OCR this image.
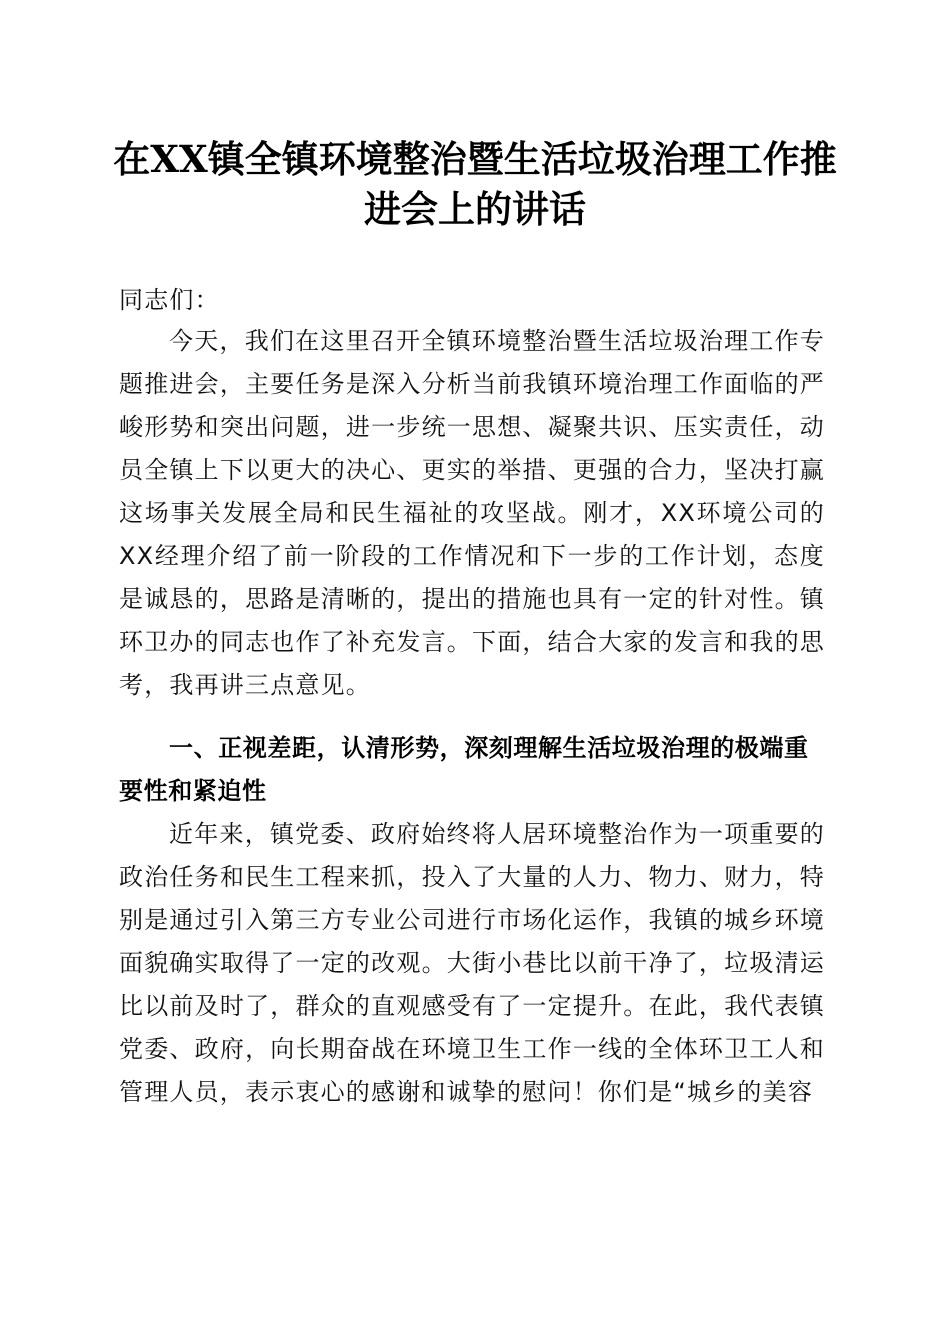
在XX镇全镇环境整治暨生活垃圾治理工作推进会上的讲话

同志们：

今天，我们在这里召开全镇环境整治暨生活垃圾治理工作专题推进会，主要任务是深入分析当前我镇环境治理工作面临的严峻形势和突出问题，进一步统一思想、凝聚共识、压实责任，动员全镇上下以更大的决心、更实的举措、更强的合力，坚决打赢这场事关发展全局和民生福祉的攻坚战。刚才，XX环境公司的XX经理介绍了前一阶段的工作情况和下一步的工作计划，态度是诚恳的，思路是清晰的，提出的措施也具有一定的针对性。镇环卫办的同志也作了补充发言。下面，结合大家的发言和我的思考，我再讲三点意见。

一、正视差距，认清形势，深刻理解生活垃圾治理的极端重要性和紧迫性

近年来，镇党委、政府始终将人居环境整治作为一项重要的政治任务和民生工程来抓，投入了大量的人力、物力、财力，特别是通过引入第三方专业公司进行市场化运作，我镇的城乡环境面貌确实取得了一定的改观。大街小巷比以前干净了，垃圾清运比以前及时了，群众的直观感受有了一定提升。在此，我代表镇党委、政府，向长期奋战在环境卫生工作一线的全体环卫工人和管理人员，表示衷心的感谢和诚挚的慰问！你们是“城乡的美容
